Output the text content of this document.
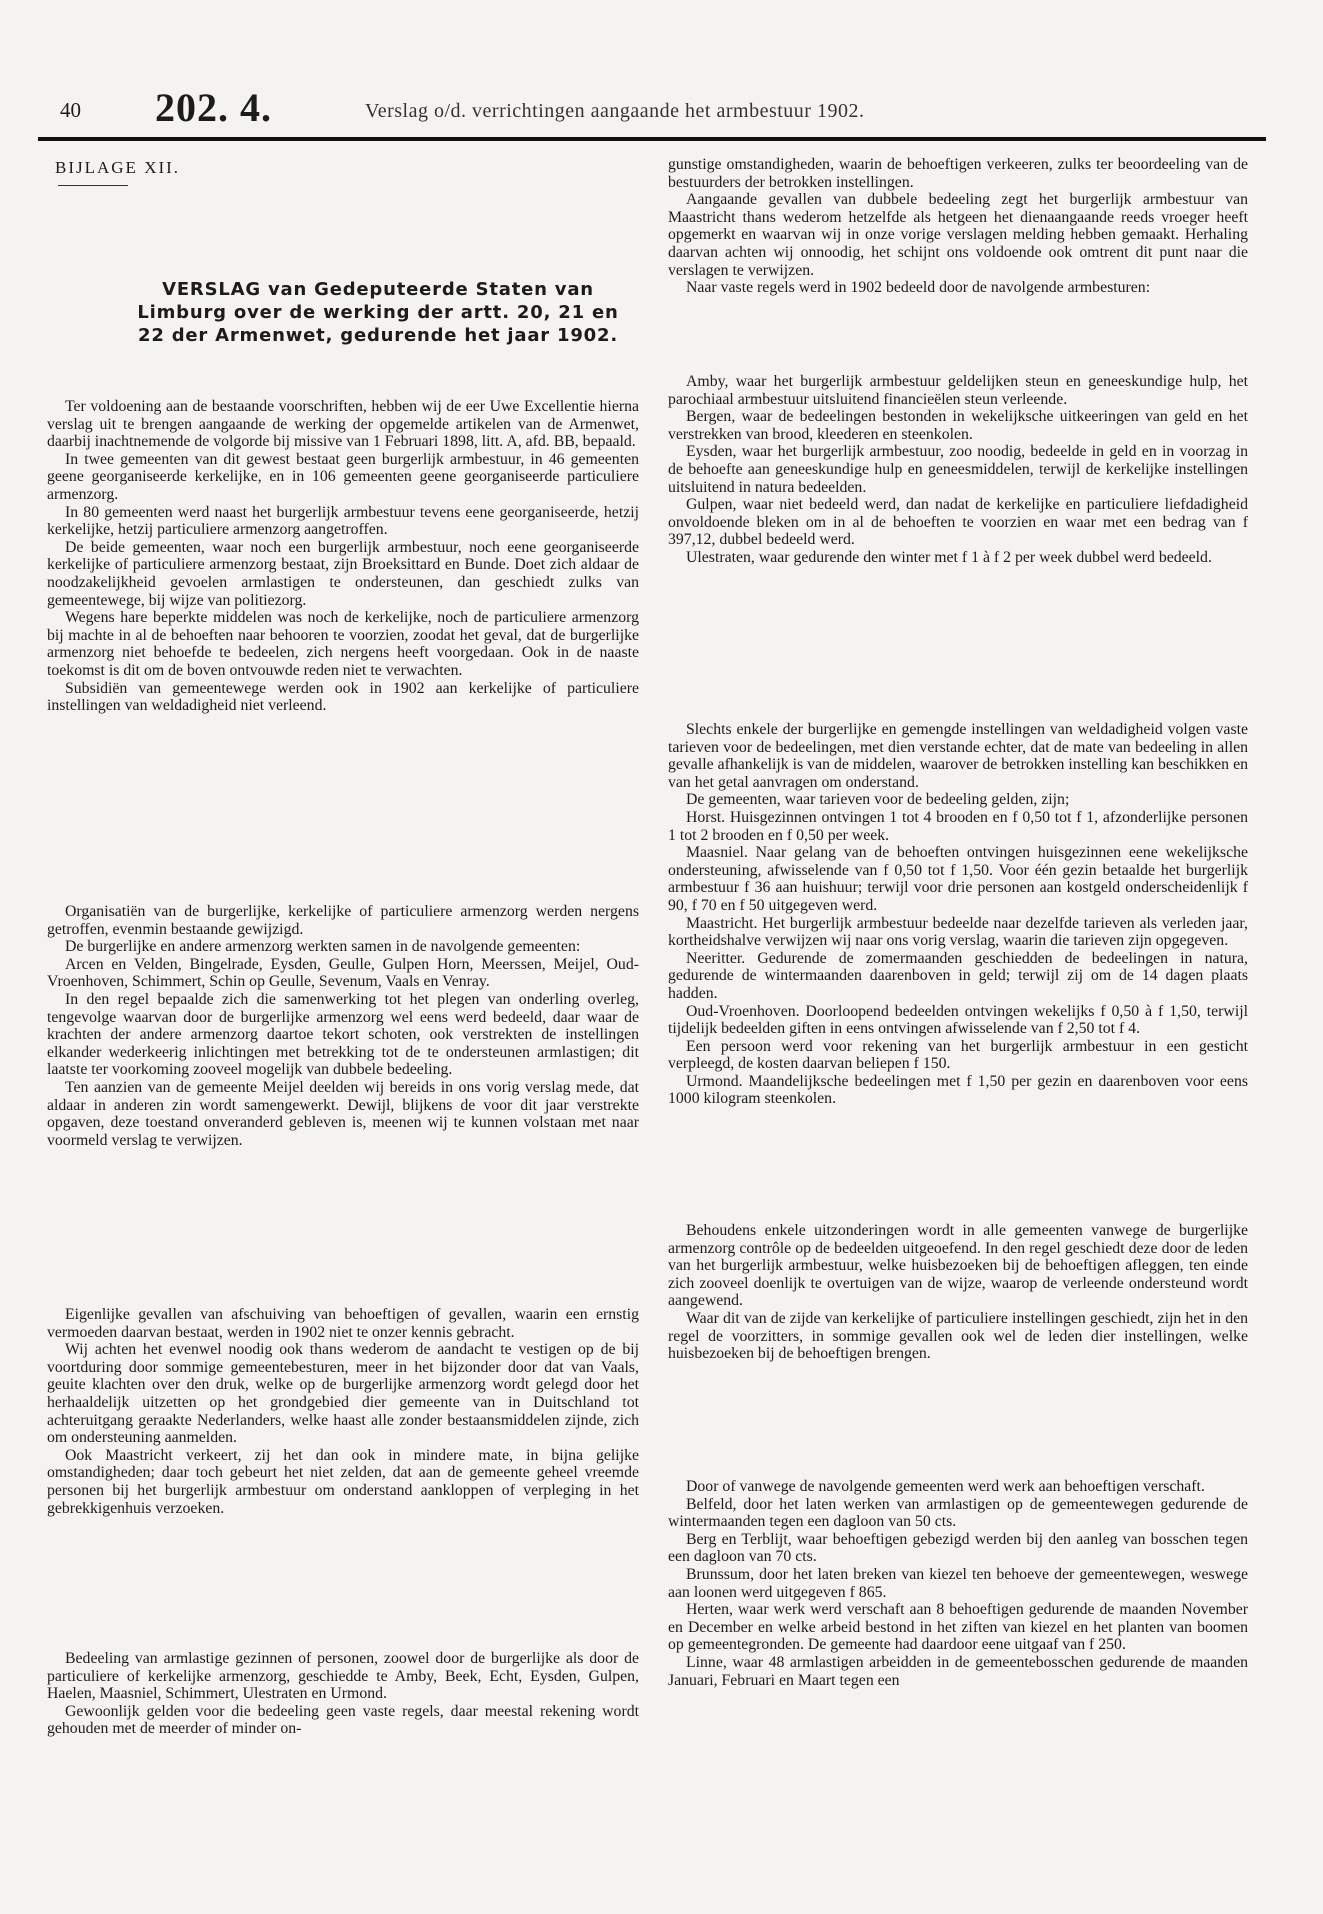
40 202. 4.	Verslag o/d. verrichtingen aangaande het armbestuur 1902.
BIJLAGE XII.
VERSLAG van Gedeputeerde Staten van Limburg over de werking der artt. 20, 21 en 22 der Armenwet, gedurende het jaar 1902.

Ter voldoening aan de bestaande voorschriften, hebben wij de eer Uwe Excellentie hierna verslag uit te brengen aangaande de werking der opgemelde artikelen van de Armenwet, daarbij inachtnemende de volgorde bij missive van 1 Februari 1898, litt. A, afd. BB, bepaald.

In twee gemeenten van dit gewest bestaat geen burgerlijk armbestuur, in 46 gemeenten geene georganiseerde kerkelijke, en in 106 gemeenten geene georganiseerde particuliere armenzorg.

In 80 gemeenten werd naast het burgerlijk armbestuur tevens eene georganiseerde, hetzij kerkelijke, hetzij particuliere armenzorg aangetroffen.

De beide gemeenten, waar noch een burgerlijk armbestuur, noch eene georganiseerde kerkelijke of particuliere armenzorg bestaat, zijn Broeksittard en Bunde. Doet zich aldaar de noodzakelijkheid gevoelen armlastigen te ondersteunen, dan geschiedt zulks van gemeentewege, bij wijze van politiezorg.

Wegens hare beperkte middelen was noch de kerkelijke, noch de particuliere armenzorg bij machte in al de behoeften naar behooren te voorzien, zoodat het geval, dat de burgerlijke armenzorg niet behoefde te bedeelen, zich nergens heeft voorgedaan. Ook in de naaste toekomst is dit om de boven ontvouwde reden niet te verwachten.

Subsidiën van gemeentewege werden ook in 1902 aan kerkelijke of particuliere instellingen van weldadigheid niet verleend.

Organisatiën van de burgerlijke, kerkelijke of particuliere armenzorg werden nergens getroffen, evenmin bestaande gewijzigd.

De burgerlijke en andere armenzorg werkten samen in de navolgende gemeenten:

Arcen en Velden, Bingelrade, Eysden, Geulle, Gulpen Horn, Meerssen, Meijel, Oud-Vroenhoven, Schimmert, Schin op Geulle, Sevenum, Vaals en Venray.

In den regel bepaalde zich die samenwerking tot het plegen van onderling overleg, tengevolge waarvan door de burgerlijke armenzorg wel eens werd bedeeld, daar waar de krachten der andere armenzorg daartoe tekort schoten, ook verstrekten de instellingen elkander wederkeerig inlichtingen met betrekking tot de te ondersteunen armlastigen; dit laatste ter voorkoming zooveel mogelijk van dubbele bedeeling.

Ten aanzien van de gemeente Meijel deelden wij bereids in ons vorig verslag mede, dat aldaar in anderen zin wordt samengewerkt. Dewijl, blijkens de voor dit jaar verstrekte opgaven, deze toestand onveranderd gebleven is, meenen wij te kunnen volstaan met naar voormeld verslag te verwijzen.

Eigenlijke gevallen van afschuiving van behoeftigen of gevallen, waarin een ernstig vermoeden daarvan bestaat, werden in 1902 niet te onzer kennis gebracht.

Wij achten het evenwel noodig ook thans wederom de aandacht te vestigen op de bij voortduring door sommige gemeentebesturen, meer in het bijzonder door dat van Vaals, geuite klachten over den druk, welke op de burgerlijke armenzorg wordt gelegd door het herhaaldelijk uitzetten op het grondgebied dier gemeente van in Duitschland tot achteruitgang geraakte Nederlanders, welke haast alle zonder bestaansmiddelen zijnde, zich om ondersteuning aanmelden.

Ook Maastricht verkeert, zij het dan ook in mindere mate, in bijna gelijke omstandigheden; daar toch gebeurt het niet zelden, dat aan de gemeente geheel vreemde personen bij het burgerlijk armbestuur om onderstand aankloppen of verpleging in het gebrekkigenhuis verzoeken.

Bedeeling van armlastige gezinnen of personen, zoowel door de burgerlijke als door de particuliere of kerkelijke armenzorg, geschiedde te Amby, Beek, Echt, Eysden, Gulpen, Haelen, Maasniel, Schimmert, Ulestraten en Urmond.

Gewoonlijk gelden voor die bedeeling geen vaste regels, daar meestal rekening wordt gehouden met de meerder of minder on-

gunstige omstandigheden, waarin de behoeftigen verkeeren, zulks ter beoordeeling van de bestuurders der betrokken instellingen.

Aangaande gevallen van dubbele bedeeling zegt het burgerlijk armbestuur van Maastricht thans wederom hetzelfde als hetgeen het dienaangaande reeds vroeger heeft opgemerkt en waarvan wij in onze vorige verslagen melding hebben gemaakt. Herhaling daarvan achten wij onnoodig, het schijnt ons voldoende ook omtrent dit punt naar die verslagen te verwijzen.

Naar vaste regels werd in 1902 bedeeld door de navolgende armbesturen:

Amby, waar het burgerlijk armbestuur geldelijken steun en geneeskundige hulp, het parochiaal armbestuur uitsluitend financieëlen steun verleende.

Bergen, waar de bedeelingen bestonden in wekelijksche uitkeeringen van geld en het verstrekken van brood, kleederen en steenkolen.

Eysden, waar het burgerlijk armbestuur, zoo noodig, bedeelde in geld en in voorzag in de behoefte aan geneeskundige hulp en geneesmiddelen, terwijl de kerkelijke instellingen uitsluitend in natura bedeelden.

Gulpen, waar niet bedeeld werd, dan nadat de kerkelijke en particuliere liefdadigheid onvoldoende bleken om in al de behoeften te voorzien en waar met een bedrag van f 397,12, dubbel bedeeld werd.

Ulestraten, waar gedurende den winter met f 1 à f 2 per week dubbel werd bedeeld.

Slechts enkele der burgerlijke en gemengde instellingen van weldadigheid volgen vaste tarieven voor de bedeelingen, met dien verstande echter, dat de mate van bedeeling in allen gevalle afhankelijk is van de middelen, waarover de betrokken instelling kan beschikken en van het getal aanvragen om onderstand.

De gemeenten, waar tarieven voor de bedeeling gelden, zijn;

Horst. Huisgezinnen ontvingen 1 tot 4 brooden en f 0,50 tot f 1, afzonderlijke personen 1 tot 2 brooden en f 0,50 per week.

Maasniel. Naar gelang van de behoeften ontvingen huisgezinnen eene wekelijksche ondersteuning, afwisselende van f 0,50 tot f 1,50. Voor één gezin betaalde het burgerlijk armbestuur f 36 aan huishuur; terwijl voor drie personen aan kostgeld onderscheidenlijk f 90, f 70 en f 50 uitgegeven werd.

Maastricht. Het burgerlijk armbestuur bedeelde naar dezelfde tarieven als verleden jaar, kortheidshalve verwijzen wij naar ons vorig verslag, waarin die tarieven zijn opgegeven.

Neeritter. Gedurende de zomermaanden geschiedden de bedeelingen in natura, gedurende de wintermaanden daarenboven in geld; terwijl zij om de 14 dagen plaats hadden.

Oud-Vroenhoven. Doorloopend bedeelden ontvingen wekelijks f 0,50 à f 1,50, terwijl tijdelijk bedeelden giften in eens ontvingen afwisselende van f 2,50 tot f 4.

Een persoon werd voor rekening van het burgerlijk armbestuur in een gesticht verpleegd, de kosten daarvan beliepen f 150.

Urmond. Maandelijksche bedeelingen met f 1,50 per gezin en daarenboven voor eens 1000 kilogram steenkolen.

Behoudens enkele uitzonderingen wordt in alle gemeenten vanwege de burgerlijke armenzorg contrôle op de bedeelden uitgeoefend. In den regel geschiedt deze door de leden van het burgerlijk armbestuur, welke huisbezoeken bij de behoeftigen afleggen, ten einde zich zooveel doenlijk te overtuigen van de wijze, waarop de verleende ondersteund wordt aangewend.

Waar dit van de zijde van kerkelijke of particuliere instellingen geschiedt, zijn het in den regel de voorzitters, in sommige gevallen ook wel de leden dier instellingen, welke huisbezoeken bij de behoeftigen brengen.

Door of vanwege de navolgende gemeenten werd werk aan behoeftigen verschaft.

Belfeld, door het laten werken van armlastigen op de gemeentewegen gedurende de wintermaanden tegen een dagloon van 50 cts.

Berg en Terblijt, waar behoeftigen gebezigd werden bij den aanleg van bosschen tegen een dagloon van 70 cts.

Brunssum, door het laten breken van kiezel ten behoeve der gemeentewegen, weswege aan loonen werd uitgegeven f 865.

Herten, waar werk werd verschaft aan 8 behoeftigen gedurende de maanden November en December en welke arbeid bestond in het ziften van kiezel en het planten van boomen op gemeentegronden. De gemeente had daardoor eene uitgaaf van f 250.

Linne, waar 48 armlastigen arbeidden in de gemeentebosschen gedurende de maanden Januari, Februari en Maart tegen een
